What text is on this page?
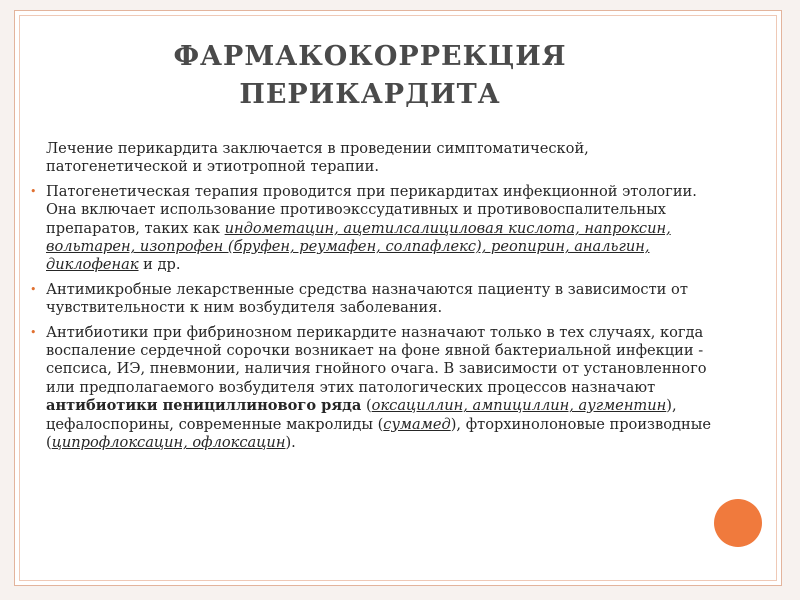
ФАРМАКОКОРРЕКЦИЯ
ПЕРИКАРДИТА

Лечение перикардита заключается в проведении симптоматической, патогенетической и этиотропной терапии.

• Патогенетическая терапия проводится при перикардитах инфекционной этологии. Она включает использование противоэкссудативных и противовоспалительных препаратов, таких как индометацин, ацетилсалициловая кислота, напроксин, вольтарен, изопрофен (бруфен, реумафен, солпафлекс), реопирин, анальгин, диклофенак и др.

• Антимикробные лекарственные средства назначаются пациенту в зависимости от чувствительности к ним возбудителя заболевания.

• Антибиотики при фибринозном перикардите назначают только в тех случаях, когда воспаление сердечной сорочки возникает на фоне явной бактериальной инфекции - сепсиса, ИЭ, пневмонии, наличия гнойного очага. В зависимости от установленного или предполагаемого возбудителя этих патологических процессов назначают антибиотики пенициллинового ряда (оксациллин, ампициллин, аугментин), цефалоспорины, современные макролиды (сумамед), фторхинолоновые производные (ципрофлоксацин, офлоксацин).
